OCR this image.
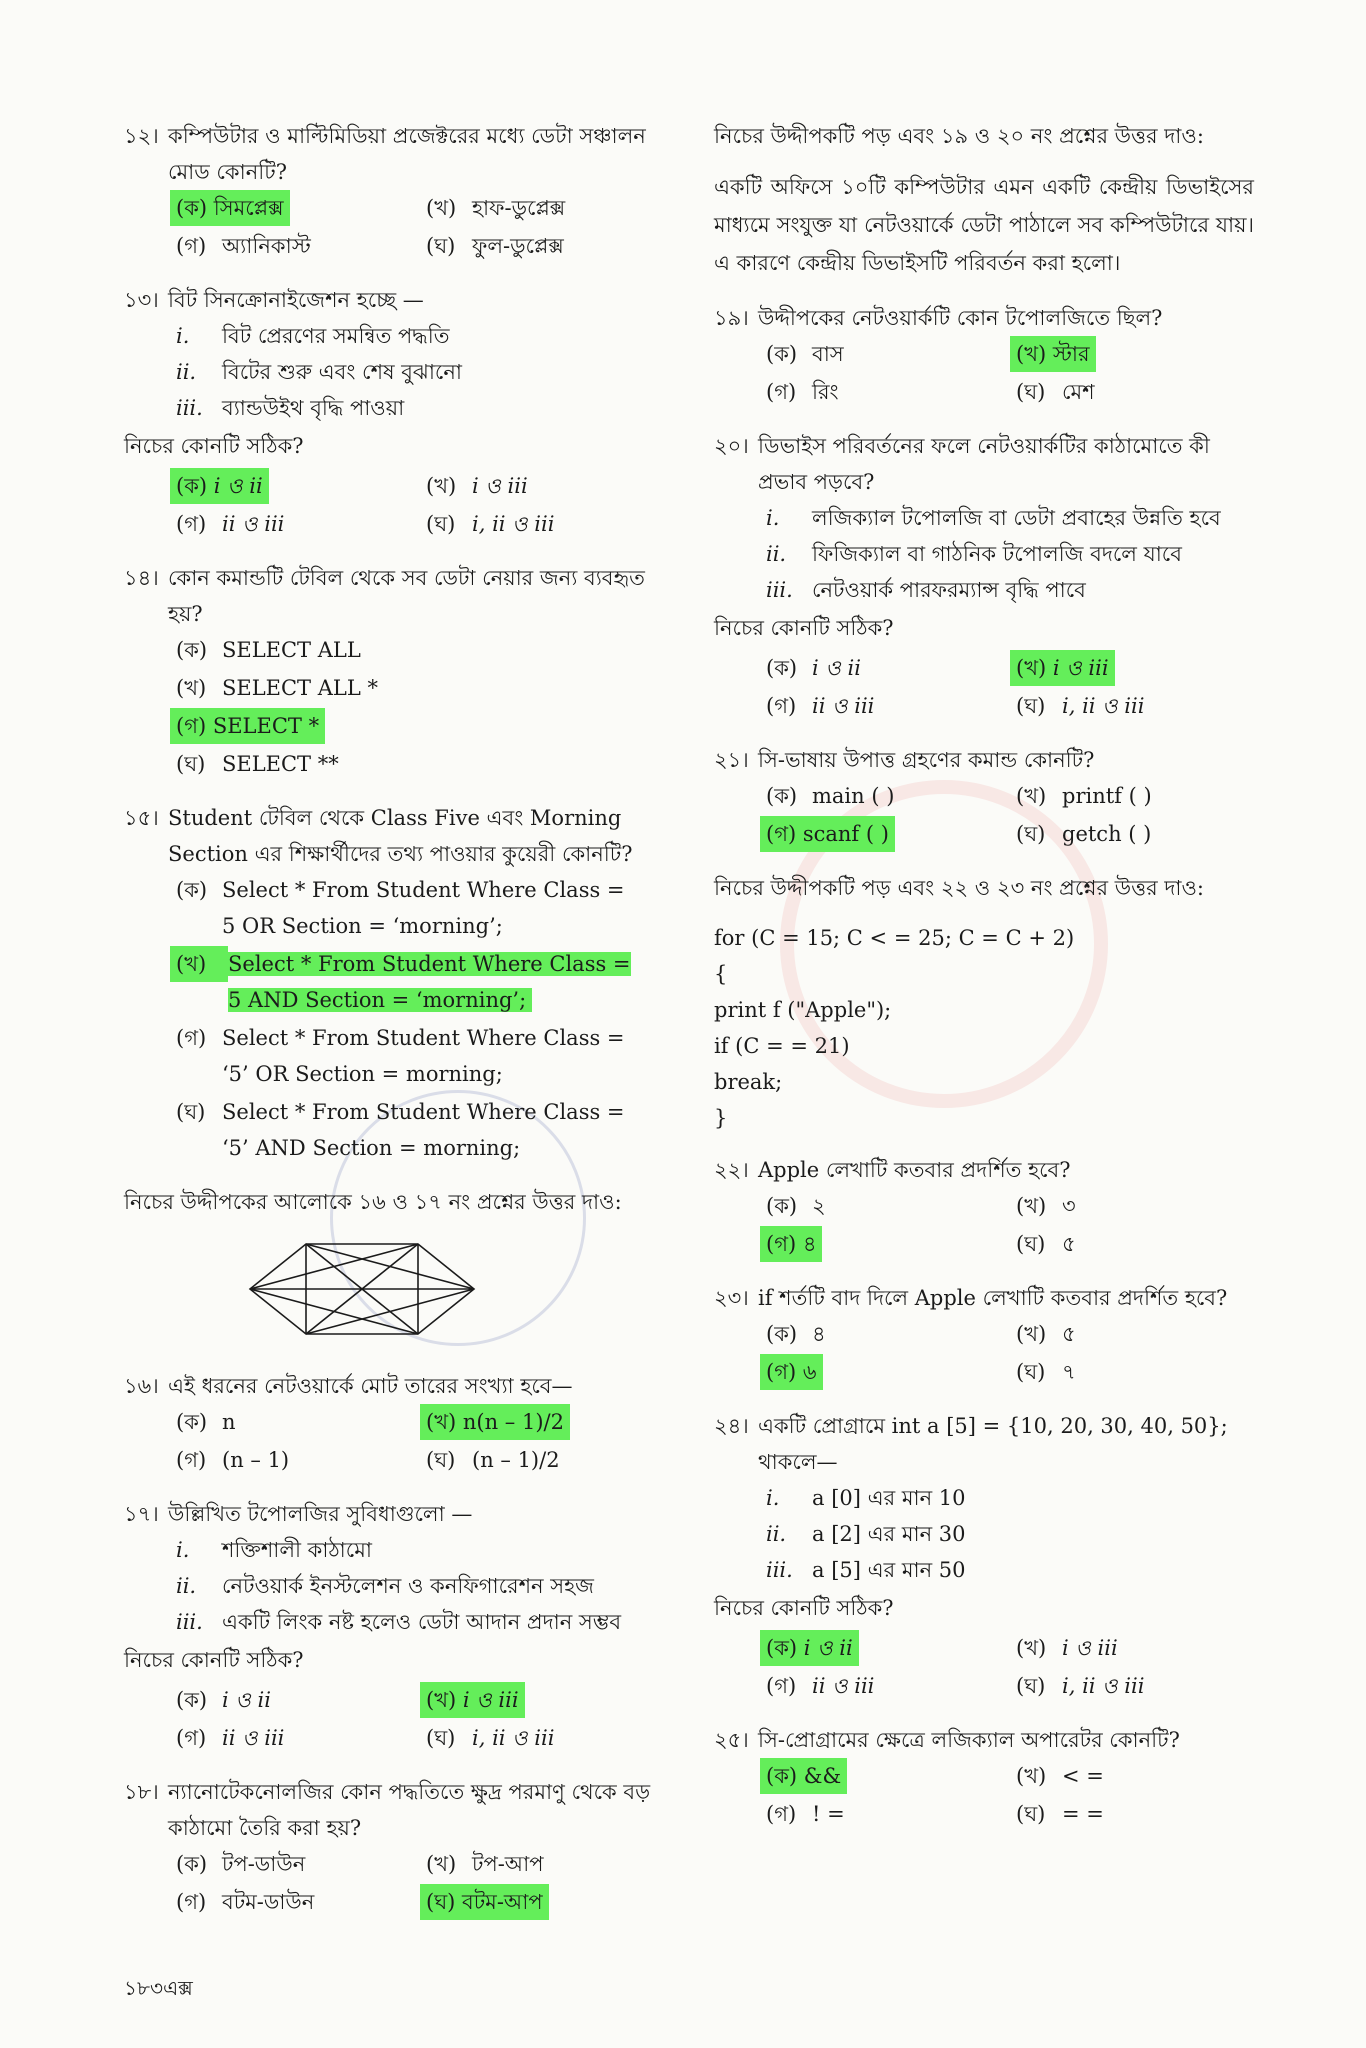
১২। কম্পিউটার ও মাল্টিমিডিয়া প্রজেক্টরের মধ্যে ডেটা সঞ্চালন মোড কোনটি?
(ক) সিমপ্লেক্স	(খ) হাফ-ডুপ্লেক্স
(গ) অ্যানিকাস্ট	(ঘ) ফুল-ডুপ্লেক্স
১৩। বিট সিনক্রোনাইজেশন হচ্ছে —
i.	বিট প্রেরণের সমন্বিত পদ্ধতি
ii.	বিটের শুরু এবং শেষ বুঝানো
iii. ব্যান্ডউইথ বৃদ্ধি পাওয়া
নিচের কোনটি সঠিক?
(ক) i ও ii	(খ) i ও iii
(গ) ii ও iii	(ঘ) i, ii ও iii
১৪। কোন কমান্ডটি টেবিল থেকে সব ডেটা নেয়ার জন্য ব্যবহৃত হয়?
(ক) SELECT ALL
(খ) SELECT ALL *
(গ) SELECT *
(ঘ) SELECT **
১৫। Student টেবিল থেকে Class Five এবং Morning Section এর শিক্ষার্থীদের তথ্য পাওয়ার কুয়েরী কোনটি?
(ক) Select * From Student Where Class = 5 OR Section = ‘morning’;
(খ)	Select * From Student Where Class = 5 AND Section = ‘morning’;
(গ) Select * From Student Where Class = ‘5’ OR Section = morning;
(ঘ) Select * From Student Where Class = ‘5’ AND Section = morning;
নিচের উদ্দীপকের আলোকে ১৬ ও ১৭ নং প্রশ্নের উত্তর দাও:
১৬। এই ধরনের নেটওয়ার্কে মোট তারের সংখ্যা হবে—
(ক) n	(খ) n(n – 1)/2
(গ) (n – 1)	(ঘ) (n – 1)/2
১৭। উল্লিখিত টপোলজির সুবিধাগুলো —
i.	শক্তিশালী কাঠামো
ii.	নেটওয়ার্ক ইনস্টলেশন ও কনফিগারেশন সহজ
iii. একটি লিংক নষ্ট হলেও ডেটা আদান প্রদান সম্ভব
নিচের কোনটি সঠিক?
(ক) i ও ii	(খ) i ও iii
(গ) ii ও iii	(ঘ) i, ii ও iii
১৮। ন্যানোটেকনোলজির কোন পদ্ধতিতে ক্ষুদ্র পরমাণু থেকে বড় কাঠামো তৈরি করা হয়?
(ক) টপ-ডাউন	(খ) টপ-আপ
(গ) বটম-ডাউন	(ঘ) বটম-আপ
নিচের উদ্দীপকটি পড় এবং ১৯ ও ২০ নং প্রশ্নের উত্তর দাও:
একটি অফিসে ১০টি কম্পিউটার এমন একটি কেন্দ্রীয় ডিভাইসের মাধ্যমে সংযুক্ত যা নেটওয়ার্কে ডেটা পাঠালে সব কম্পিউটারে যায়। এ কারণে কেন্দ্রীয় ডিভাইসটি পরিবর্তন করা হলো।
১৯। উদ্দীপকের নেটওয়ার্কটি কোন টপোলজিতে ছিল?
(ক) বাস	(খ) স্টার
(গ) রিং	(ঘ) মেশ
২০। ডিভাইস পরিবর্তনের ফলে নেটওয়ার্কটির কাঠামোতে কী প্রভাব পড়বে?
i.	লজিক্যাল টপোলজি বা ডেটা প্রবাহের উন্নতি হবে
ii.	ফিজিক্যাল বা গাঠনিক টপোলজি বদলে যাবে
iii. নেটওয়ার্ক পারফরম্যান্স বৃদ্ধি পাবে
নিচের কোনটি সঠিক?
(ক) i ও ii	(খ) i ও iii
(গ) ii ও iii	(ঘ) i, ii ও iii
২১। সি-ভাষায় উপাত্ত গ্রহণের কমান্ড কোনটি?
(ক) main ( )	(খ) printf ( )
(গ) scanf ( )	(ঘ) getch ( )
নিচের উদ্দীপকটি পড় এবং ২২ ও ২৩ নং প্রশ্নের উত্তর দাও:
for (C = 15; C < = 25; C = C + 2)
{
print f ("Apple");
if (C = = 21)
break;
}
২২। Apple লেখাটি কতবার প্রদর্শিত হবে?
(ক) ২	(খ) ৩
(গ) ৪	(ঘ) ৫
২৩। if শর্তটি বাদ দিলে Apple লেখাটি কতবার প্রদর্শিত হবে?
(ক) ৪	(খ) ৫
(গ) ৬	(ঘ) ৭
২৪। একটি প্রোগ্রামে int a [5] = {10, 20, 30, 40, 50}; থাকলে—
i.	a [0] এর মান 10
ii.	a [2] এর মান 30
iii. a [5] এর মান 50
নিচের কোনটি সঠিক?
(ক) i ও ii	(খ) i ও iii
(গ) ii ও iii	(ঘ) i, ii ও iii
২৫। সি-প্রোগ্রামের ক্ষেত্রে লজিক্যাল অপারেটর কোনটি?
(ক) &&	(খ) < =
(গ) ! =	(ঘ) = =
১৮৩এক্স
